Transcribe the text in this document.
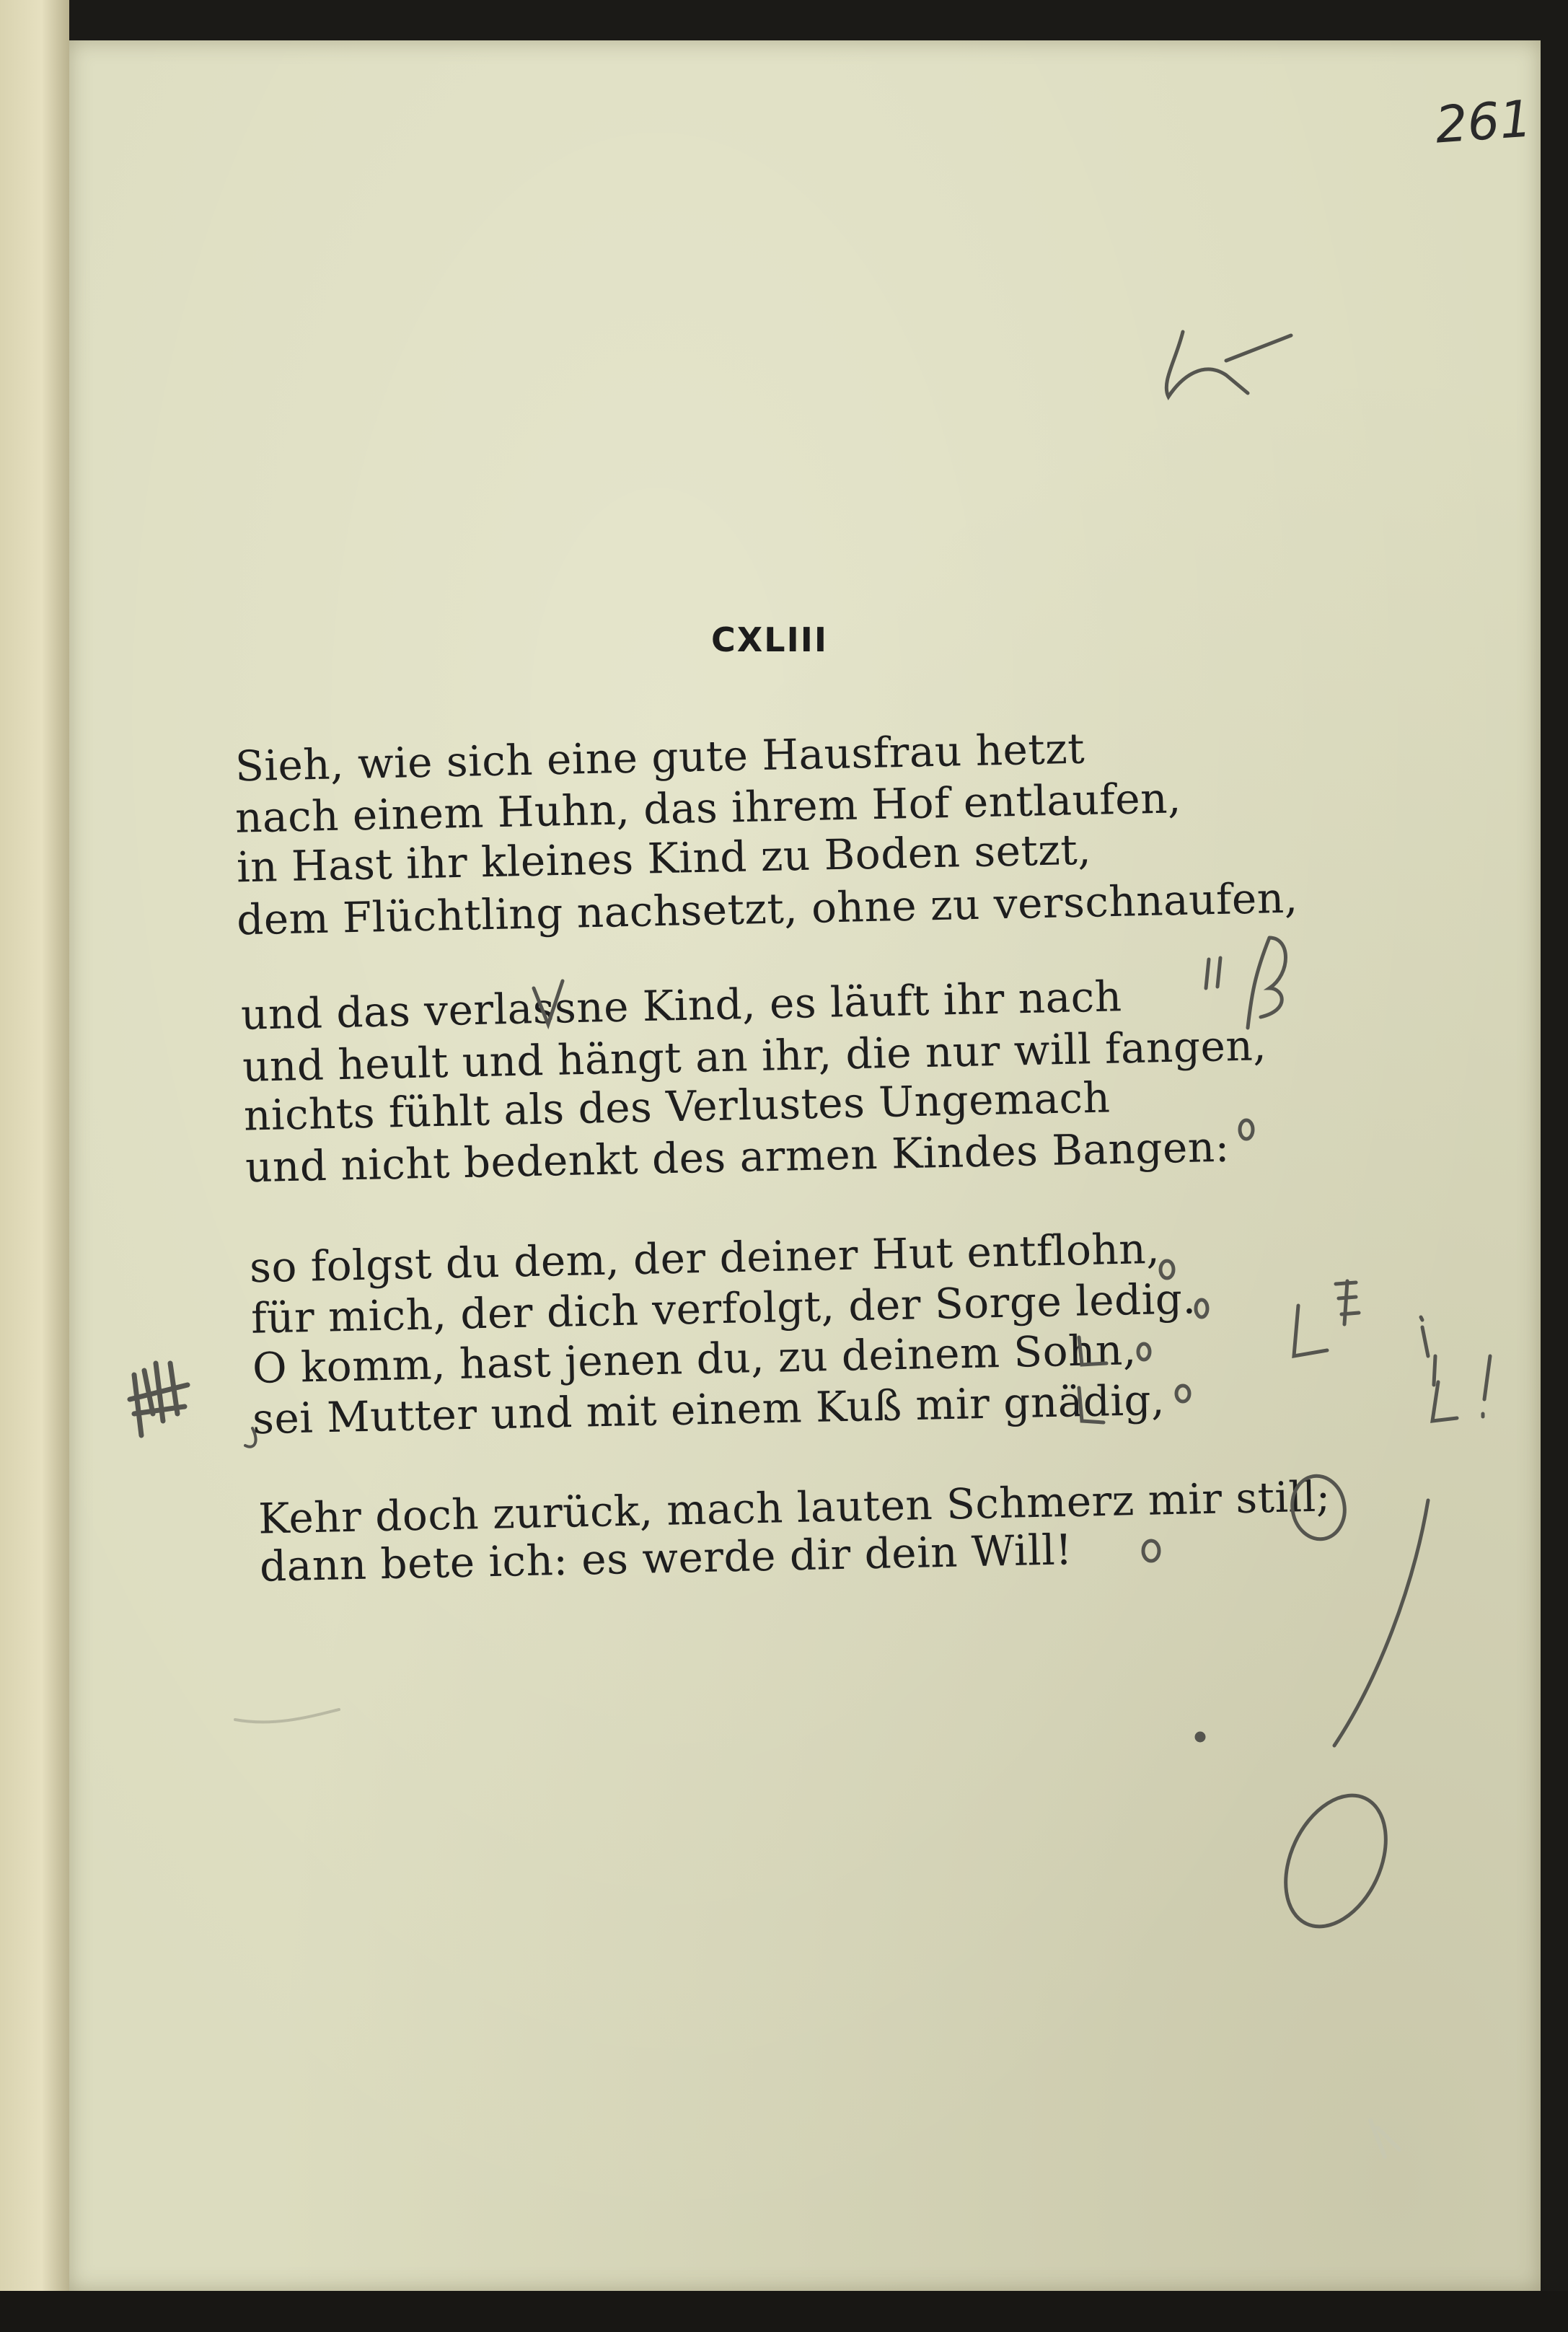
261
CXLIII
Sieh, wie sich eine gute Hausfrau hetzt
nach einem Huhn, das ihrem Hof entlaufen,
in Hast ihr kleines Kind zu Boden setzt,
dem Flüchtling nachsetzt, ohne zu verschnaufen,
und das verlassne Kind, es läuft ihr nach
und heult und hängt an ihr, die nur will fangen,
nichts fühlt als des Verlustes Ungemach
und nicht bedenkt des armen Kindes Bangen:
so folgst du dem, der deiner Hut entflohn,
für mich, der dich verfolgt, der Sorge ledig.
O komm, hast jenen du, zu deinem Sohn,
sei Mutter und mit einem Kuß mir gnädig,
Kehr doch zurück, mach lauten Schmerz mir still;
dann bete ich: es werde dir dein Will!
